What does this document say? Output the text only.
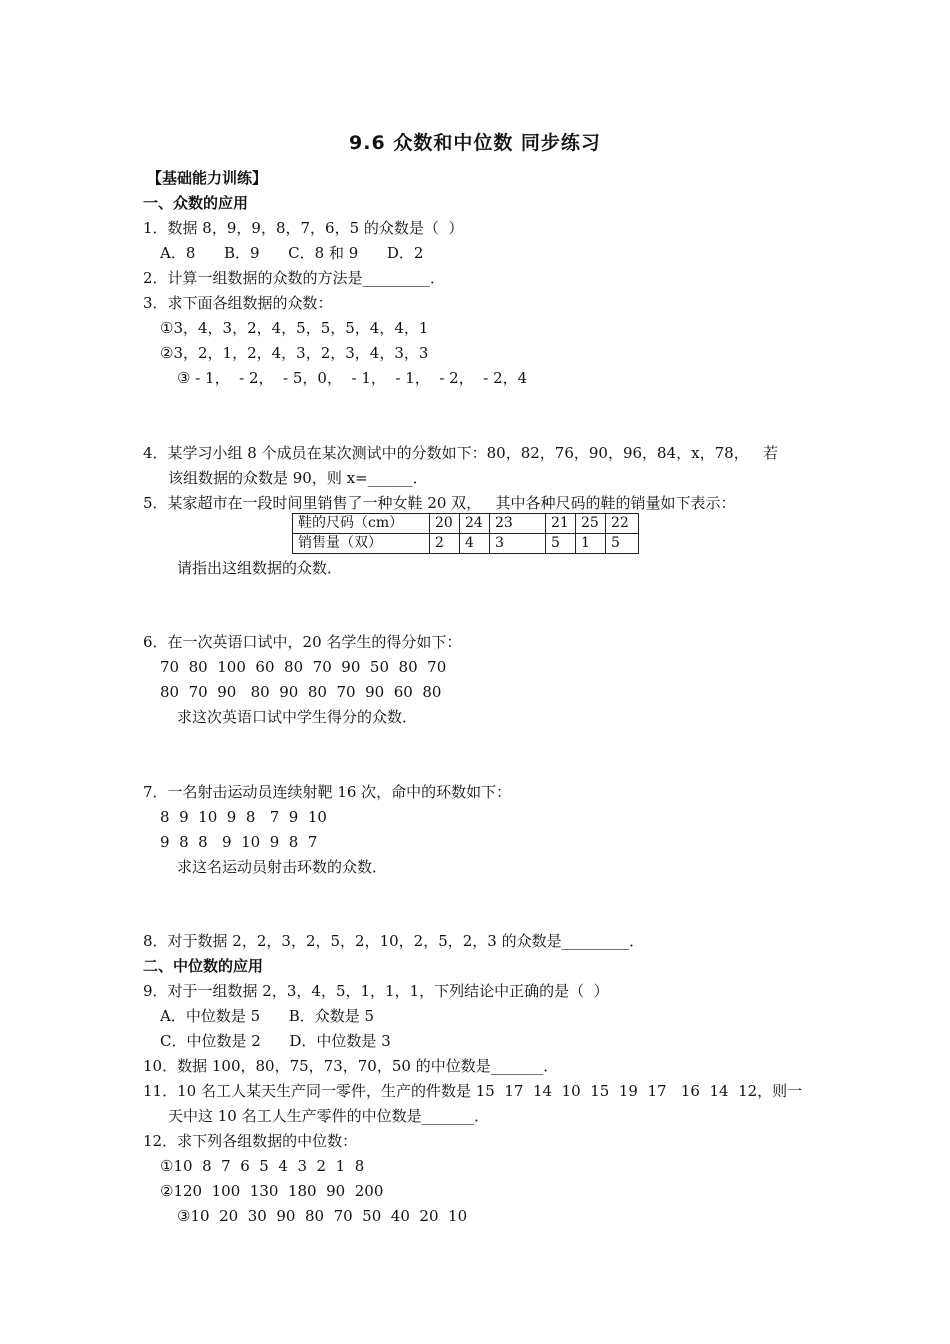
9.6 众数和中位数 同步练习
【基础能力训练】
一、众数的应用
1．数据 8，9，9，8，7，6，5 的众数是（  ）
A．8      B．9      C．8 和 9      D．2
2．计算一组数据的众数的方法是_________．
3．求下面各组数据的众数：
①3，4，3，2，4，5，5，5，4，4，1
②3，2，1，2，4，3，2，3，4，3，3
③ - 1，  - 2，  - 5，0，  - 1，  - 1，  - 2，  - 2，4
4．某学习小组 8 个成员在某次测试中的分数如下：80，82，76，90，96，84，x，78，   若
该组数据的众数是 90，则 x=______．
5．某家超市在一段时间里销售了一种女鞋 20 双，   其中各种尺码的鞋的销量如下表示：
鞋的尺码（cm）	20	24	23	21	25	22
销售量（双）	2	4	3	5	1	5
请指出这组数据的众数．
6．在一次英语口试中，20 名学生的得分如下：
70  80  100  60  80  70  90  50  80  70
80  70  90   80  90  80  70  90  60  80
求这次英语口试中学生得分的众数．
7．一名射击运动员连续射靶 16 次，命中的环数如下：
8  9  10  9  8   7  9  10
9  8  8   9  10  9  8  7
求这名运动员射击环数的众数．
8．对于数据 2，2，3，2，5，2，10，2，5，2，3 的众数是_________．
二、中位数的应用
9．对于一组数据 2，3，4，5，1，1，1，下列结论中正确的是（  ）
A．中位数是 5      B．众数是 5
C．中位数是 2      D．中位数是 3
10．数据 100，80，75，73，70，50 的中位数是_______．
11．10 名工人某天生产同一零件，生产的件数是 15  17  14  10  15  19  17   16  14  12，则一
天中这 10 名工人生产零件的中位数是_______．
12．求下列各组数据的中位数：
①10  8  7  6  5  4  3  2  1  8
②120  100  130  180  90  200
③10  20  30  90  80  70  50  40  20  10
